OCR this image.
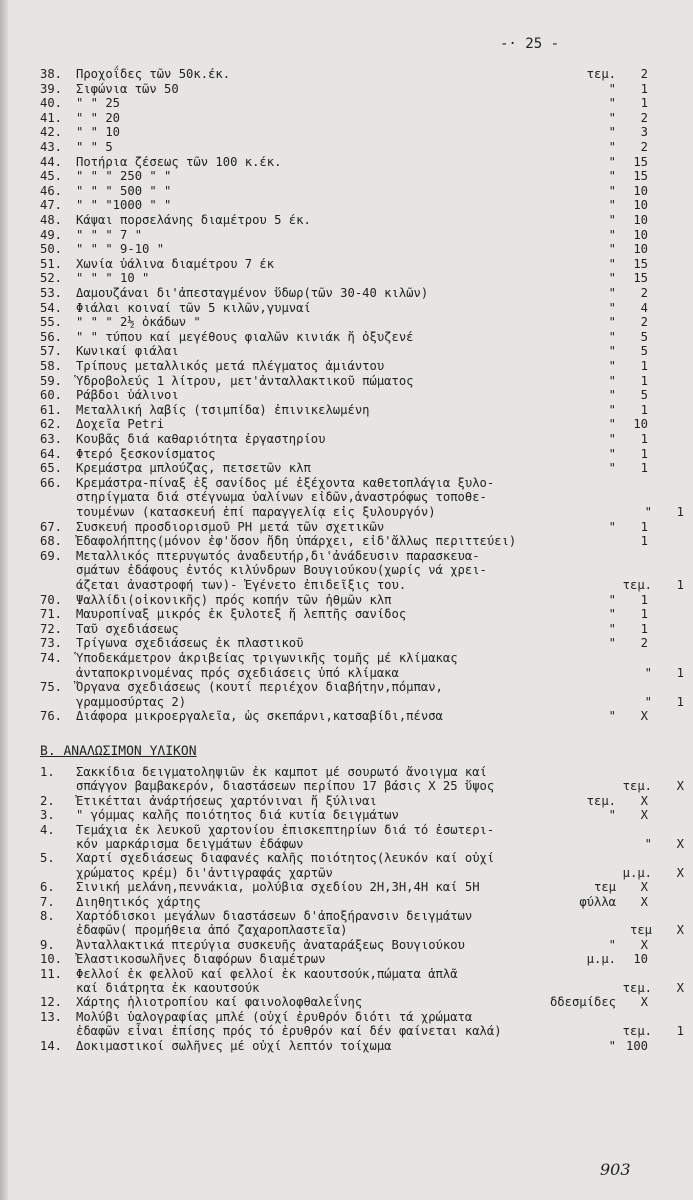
-· 25 -
38. Προχοΐδες τῶν 50κ.έκ.	τεμ.	2
39. Σιφώνια τῶν 50	"	1
40." " 25	"	1
41." " 20	"	2
42." " 10	"	3
43." " 5	"	2
44. Ποτήρια ζέσεως τῶν 100 κ.έκ.	"	15
45." " " 250 " "	"	15
46." " " 500 " "	"	10
47." " "1000 " "	"	10
48. Κάψαι πορσελάνης διαμέτρου 5 έκ.	"	10
49." " " 7 "	"	10
50." " " 9-10 "	"	10
51. Χωνία ὑάλινα διαμέτρου 7 έκ	"	15
52." " " 10 "	"	15
53. Δαμουζάναι δι'ἀπεσταγμένον ὕδωρ(τῶν 30-40 κιλῶν)	"	2
54. Φιάλαι κοιναί τῶν 5 κιλῶν,γυμναί	"	4
55." " " 2½ ὀκάδων "	"	2
56." " τύπου καί μεγέθους φιαλῶν κινιάκ ἤ ὀξυζενέ	"	5
57. Κωνικαί φιάλαι	"	5
58. Τρίπους μεταλλικός μετά πλέγματος ἀμιάντου	"	1
59. Ὑδροβολεύς 1 λίτρου, μετ'ἀνταλλακτικοῦ πώματος	"	1
60. Ράβδοι ὑάλινοι	"	5
61. Μεταλλική λαβίς (τσιμπίδα) ἐπινικελωμένη	"	1
62. Δοχεῖα Petri	"	10
63. Κουβᾶς διά καθαριότητα ἐργαστηρίου	"	1
64. Φτερό ξεσκονίσματος	"	1
65. Κρεμάστρα μπλούζας, πετσετῶν κλπ	"	1
66. Κρεμάστρα-πίναξ ἐξ σανίδος μέ ἐξέχοντα καθετοπλάγια ξυλο-
στηρίγματα διά στέγνωμα ὑαλίνων εἰδῶν,ἀναστρόφως τοποθε-
τουμένων (κατασκευή ἐπί παραγγελίᾳ εἰς ξυλουργόν)	"	1
67. Συσκευή προσδιορισμοῦ PH μετά τῶν σχετικῶν	"	1
68. Ἐδαφολήπτης(μόνον ἐφ'ὅσον ἤδη ὑπάρχει, εἰδ'ἄλλως περιττεύει)	1
69. Μεταλλικός πτερυγωτός ἀναδευτήρ,δι'ἀνάδευσιν παρασκευα-
σμάτων ἐδάφους ἐντός κιλύνδρων Βουγιούκου(χωρίς νά χρει-
άζεται ἀναστροφή των)- Ἐγένετο ἐπιδεῖξις του.	τεμ.	1
70. Ψαλλίδι(οἰκονικῆς) πρός κοπήν τῶν ἠθμῶν κλπ	"	1
71. Μαυροπίναξ μικρός ἐκ ξυλοτεξ ἤ λεπτῆς σανίδος	"	1
72. Ταῦ σχεδιάσεως	"	1
73. Τρίγωνα σχεδιάσεως ἐκ πλαστικοῦ	"	2
74. Ὑποδεκάμετρον ἀκριβείας τριγωνικῆς τομῆς μέ κλίμακας
ἀνταποκρινομένας πρός σχεδιάσεις ὑπό κλίμακα	"	1
75. Ὄργανα σχεδιάσεως (κουτί περιέχον διαβήτην,πόμπαν,
γραμμοσύρτας 2)	"	1
76. Διάφορα μικροεργαλεῖα, ὡς σκεπάρνι,κατσαβίδι,πένσα	"	X
Β. ΑΝΑΛΩΣΙΜΟΝ ΥΛΙΚΟΝ
1. Σακκίδια δειγματοληψιῶν ἐκ καμποτ μέ σουρωτό ἄνοιγμα καί
σπάγγον βαμβακερόν, διαστάσεων περίπου 17 βάσις Χ 25 ὕψος	τεμ.	X
2. Ἐτικέτται ἀνάρτήσεως χαρτόνιναι ἤ ξύλιναι	τεμ.	X
3." γόμμας καλῆς ποιότητος διά κυτία δειγμάτων	"	X
4. Τεμάχια ἐκ λευκοῦ χαρτονίου ἐπισκεπτηρίων διά τό ἐσωτερι-
κόν μαρκάρισμα δειγμάτων ἐδάφων	"	X
5. Χαρτί σχεδιάσεως διαφανές καλῆς ποιότητος(λευκόν καί οὐχί
χρώματος κρέμ) δι'ἀντιγραφάς χαρτῶν	μ.μ.	X
6. Σινική μελάνη,πεννάκια, μολύβια σχεδίου 2H,3H,4H καί 5H	τεμ	X
7. Διηθητικός χάρτης	φύλλα	X
8. Χαρτόδισκοι μεγάλων διαστάσεων δ'ἀποξήρανσιν δειγμάτων
ἐδαφῶν( προμήθεια ἀπό ζαχαροπλαστεῖα)	τεμ	X
9. Ἀνταλλακτικά πτερύγια συσκευῆς ἀναταράξεως Βουγιούκου	"	X
10. Ἐλαστικοσωλῆνες διαφόρων διαμέτρων	μ.μ.	10
11. Φελλοί ἐκ φελλοῦ καί φελλοί ἐκ καουτσούκ,πώματα ἁπλᾶ
καί διάτρητα ἐκ καουτσούκ	τεμ.	X
12. Χάρτης ἡλιοτροπίου καί φαινολοφθαλεΐνης	δδεσμίδες	X
13. Μολύβι ὑαλογραφίας μπλέ (οὐχί ἐρυθρόν διότι τά χρώματα
ἐδαφῶν εἶναι ἐπίσης πρός τό ἐρυθρόν καί δέν φαίνεται καλά)	τεμ.	1
14. Δοκιμαστικοί σωλῆνες μέ οὐχί λεπτόν τοίχωμα	" 100
903
